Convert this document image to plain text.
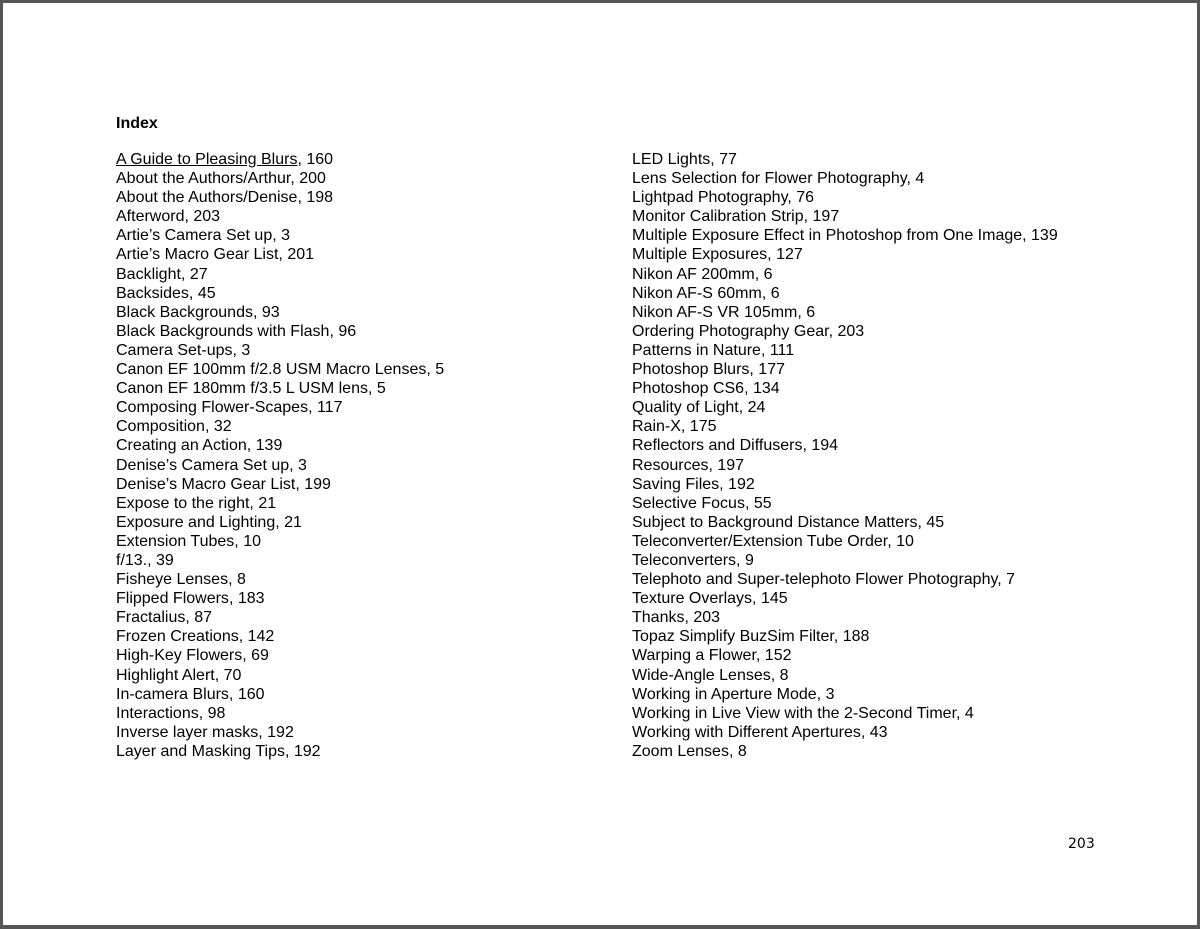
Index
A Guide to Pleasing Blurs, 160
About the Authors/Arthur, 200
About the Authors/Denise, 198
Afterword, 203
Artie’s Camera Set up, 3
Artie’s Macro Gear List, 201
Backlight, 27
Backsides, 45
Black Backgrounds, 93
Black Backgrounds with Flash, 96
Camera Set-ups, 3
Canon EF 100mm f/2.8 USM Macro Lenses, 5
Canon EF 180mm f/3.5 L USM lens, 5
Composing Flower-Scapes, 117
Composition, 32
Creating an Action, 139
Denise’s Camera Set up, 3
Denise’s Macro Gear List, 199
Expose to the right, 21
Exposure and Lighting, 21
Extension Tubes, 10
f/13., 39
Fisheye Lenses, 8
Flipped Flowers, 183
Fractalius, 87
Frozen Creations, 142
High-Key Flowers, 69
Highlight Alert, 70
In-camera Blurs, 160
Interactions, 98
Inverse layer masks, 192
Layer and Masking Tips, 192
LED Lights, 77
Lens Selection for Flower Photography, 4
Lightpad Photography, 76
Monitor Calibration Strip, 197
Multiple Exposure Effect in Photoshop from One Image, 139
Multiple Exposures, 127
Nikon AF 200mm, 6
Nikon AF-S 60mm, 6
Nikon AF-S VR 105mm, 6
Ordering Photography Gear, 203
Patterns in Nature, 111
Photoshop Blurs, 177
Photoshop CS6, 134
Quality of Light, 24
Rain-X, 175
Reflectors and Diffusers, 194
Resources, 197
Saving Files, 192
Selective Focus, 55
Subject to Background Distance Matters, 45
Teleconverter/Extension Tube Order, 10
Teleconverters, 9
Telephoto and Super-telephoto Flower Photography, 7
Texture Overlays, 145
Thanks, 203
Topaz Simplify BuzSim Filter, 188
Warping a Flower, 152
Wide-Angle Lenses, 8
Working in Aperture Mode, 3
Working in Live View with the 2-Second Timer, 4
Working with Different Apertures, 43
Zoom Lenses, 8
203
